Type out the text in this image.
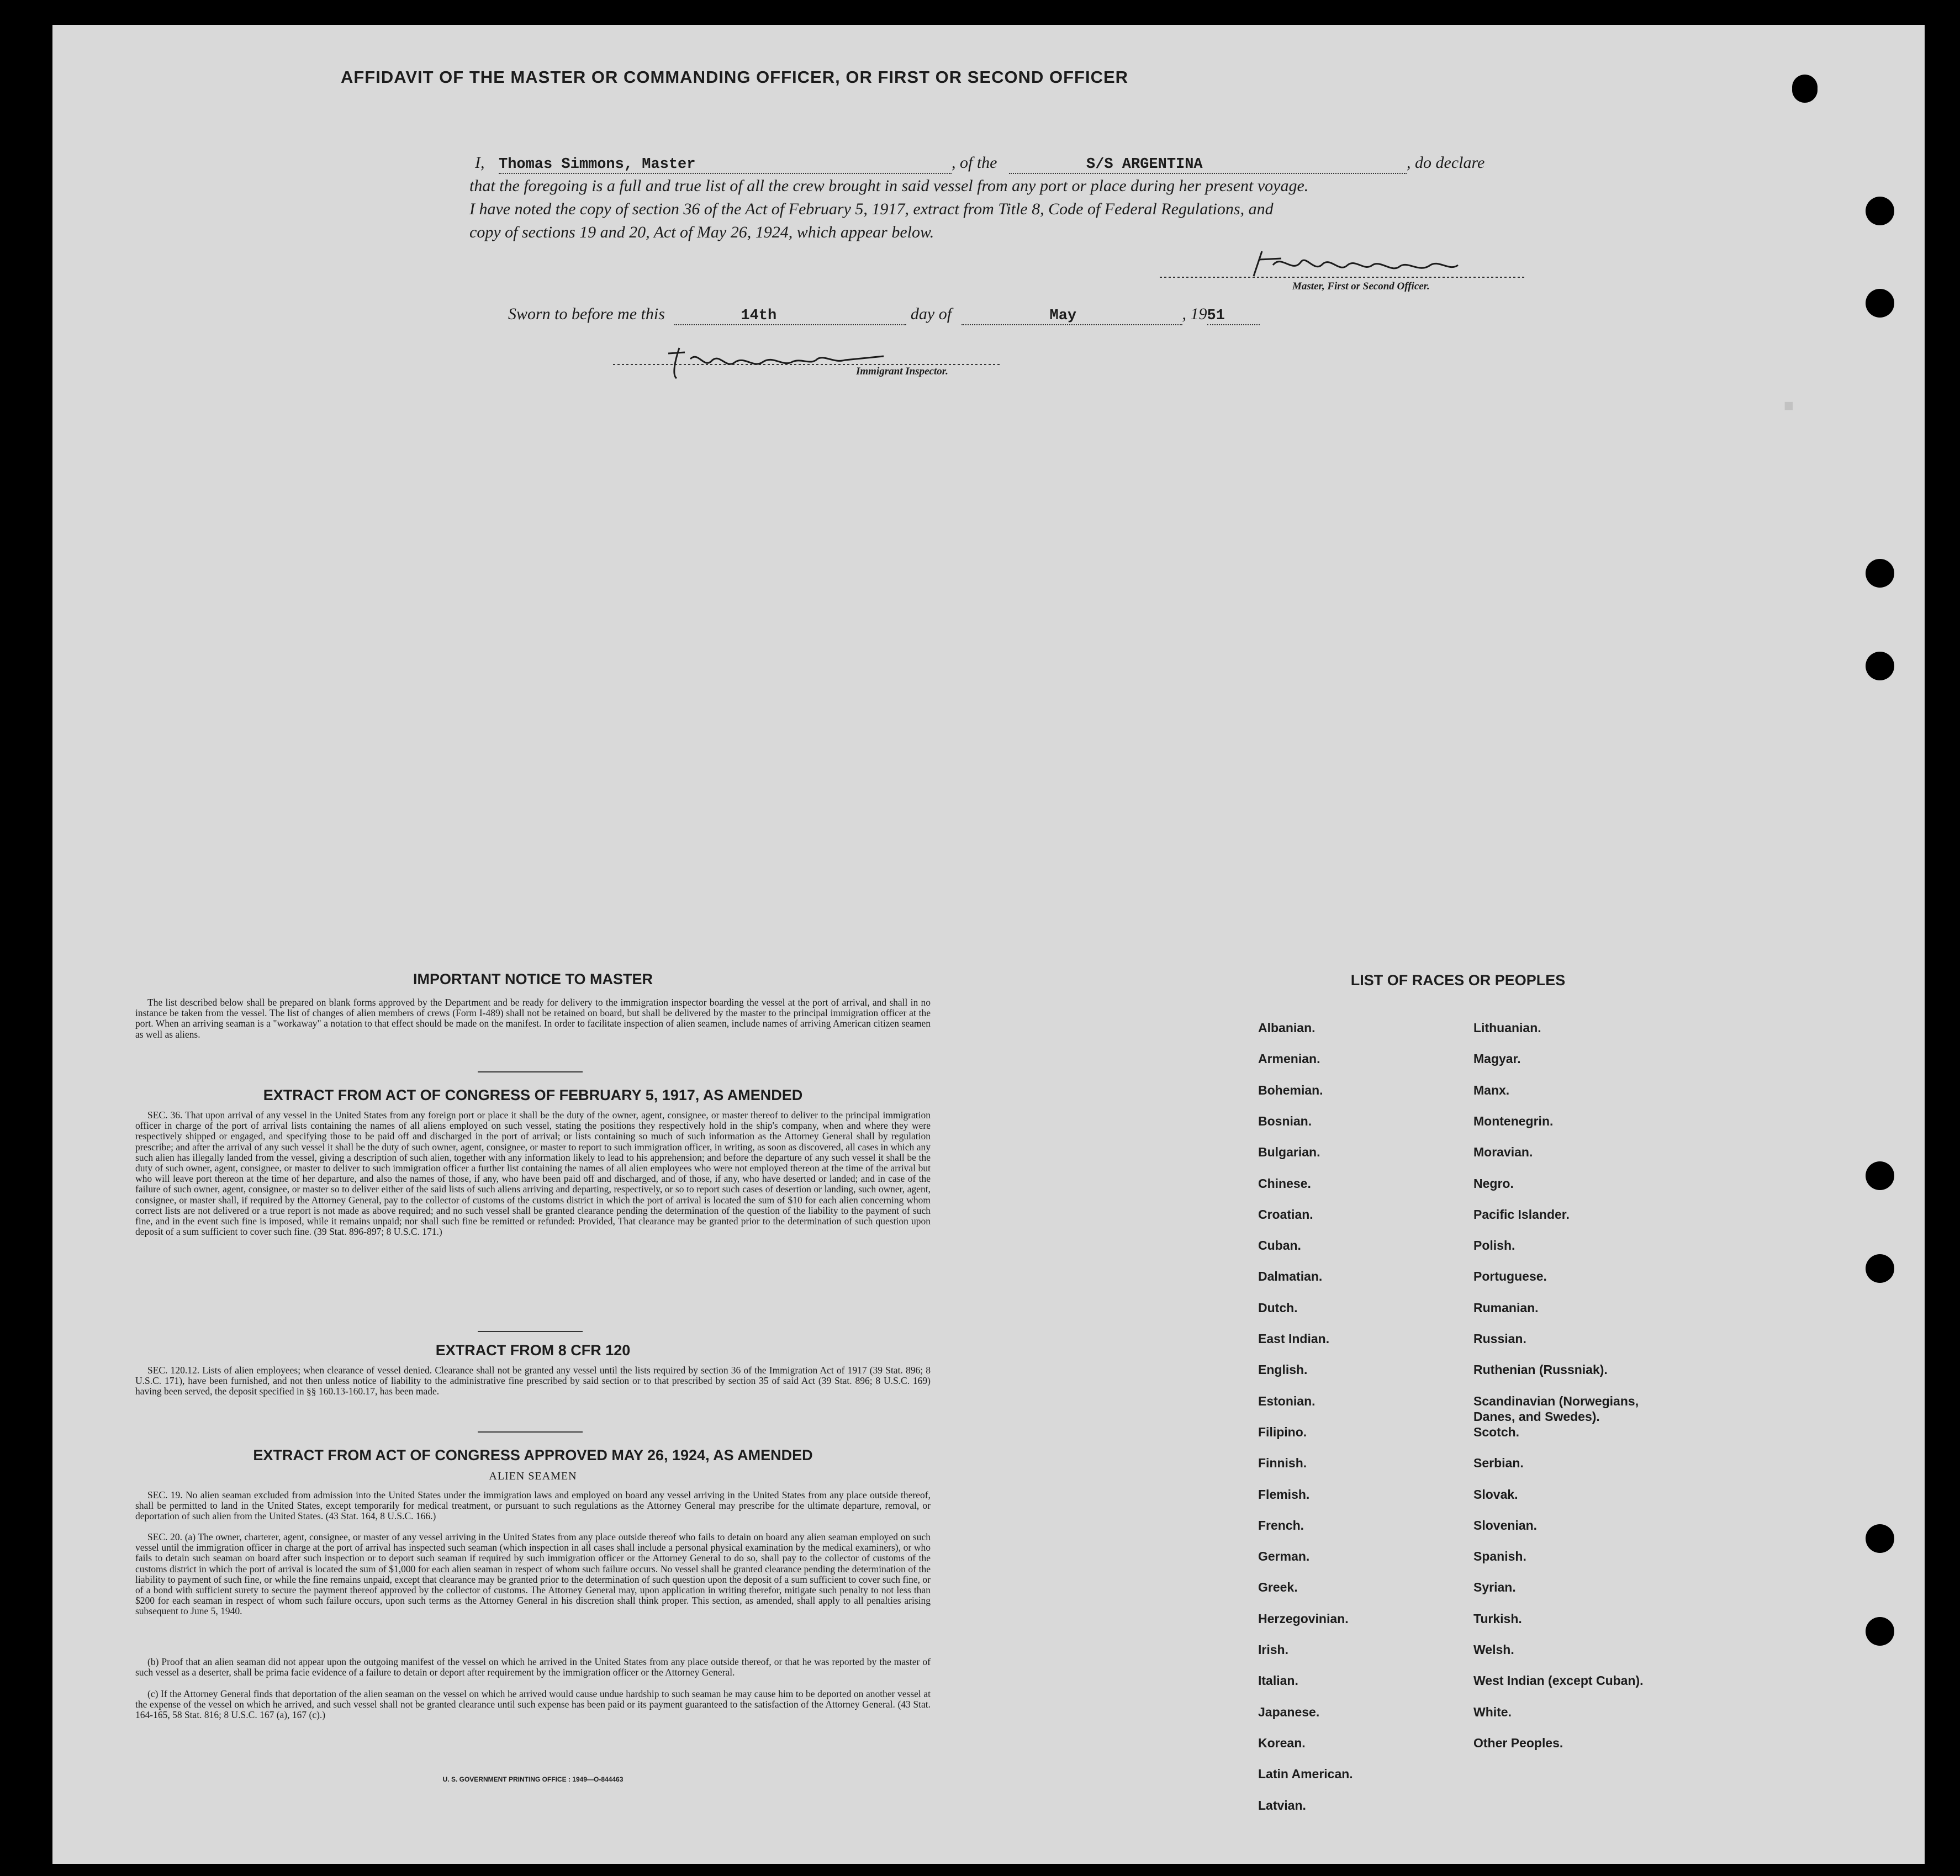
■
AFFIDAVIT OF THE MASTER OR COMMANDING OFFICER, OR FIRST OR SECOND OFFICER
I, Thomas Simmons, Master	, of the	S/S ARGENTINA	, do declare
that the foregoing is a full and true list of all the crew brought in said vessel from any port or place during her present voyage.
I have noted the copy of section 36 of the Act of February 5, 1917, extract from Title 8, Code of Federal Regulations, and
copy of sections 19 and 20, Act of May 26, 1924, which appear below.
Master, First or Second Officer.
Sworn to before me this	14th	day of	May	, 1951
Immigrant Inspector.
IMPORTANT NOTICE TO MASTER
The list described below shall be prepared on blank forms approved by the Department and be ready for delivery to the immigration inspector boarding the vessel at the port of arrival, and shall in no instance be taken from the vessel. The list of changes of alien members of crews (Form I-489) shall not be retained on board, but shall be delivered by the master to the principal immigration officer at the port. When an arriving seaman is a "workaway" a notation to that effect should be made on the manifest. In order to facilitate inspection of alien seamen, include names of arriving American citizen seamen as well as aliens.
EXTRACT FROM ACT OF CONGRESS OF FEBRUARY 5, 1917, AS AMENDED
SEC. 36. That upon arrival of any vessel in the United States from any foreign port or place it shall be the duty of the owner, agent, consignee, or master thereof to deliver to the principal immigration officer in charge of the port of arrival lists containing the names of all aliens employed on such vessel, stating the positions they respectively hold in the ship's company, when and where they were respectively shipped or engaged, and specifying those to be paid off and discharged in the port of arrival; or lists containing so much of such information as the Attorney General shall by regulation prescribe; and after the arrival of any such vessel it shall be the duty of such owner, agent, consignee, or master to report to such immigration officer, in writing, as soon as discovered, all cases in which any such alien has illegally landed from the vessel, giving a description of such alien, together with any information likely to lead to his apprehension; and before the departure of any such vessel it shall be the duty of such owner, agent, consignee, or master to deliver to such immigration officer a further list containing the names of all alien employees who were not employed thereon at the time of the arrival but who will leave port thereon at the time of her departure, and also the names of those, if any, who have been paid off and discharged, and of those, if any, who have deserted or landed; and in case of the failure of such owner, agent, consignee, or master so to deliver either of the said lists of such aliens arriving and departing, respectively, or so to report such cases of desertion or landing, such owner, agent, consignee, or master shall, if required by the Attorney General, pay to the collector of customs of the customs district in which the port of arrival is located the sum of $10 for each alien concerning whom correct lists are not delivered or a true report is not made as above required; and no such vessel shall be granted clearance pending the determination of the question of the liability to the payment of such fine, and in the event such fine is imposed, while it remains unpaid; nor shall such fine be remitted or refunded: Provided, That clearance may be granted prior to the determination of such question upon deposit of a sum sufficient to cover such fine. (39 Stat. 896-897; 8 U.S.C. 171.)
EXTRACT FROM 8 CFR 120
SEC. 120.12. Lists of alien employees; when clearance of vessel denied. Clearance shall not be granted any vessel until the lists required by section 36 of the Immigration Act of 1917 (39 Stat. 896; 8 U.S.C. 171), have been furnished, and not then unless notice of liability to the administrative fine prescribed by said section or to that prescribed by section 35 of said Act (39 Stat. 896; 8 U.S.C. 169) having been served, the deposit specified in §§ 160.13-160.17, has been made.
EXTRACT FROM ACT OF CONGRESS APPROVED MAY 26, 1924, AS AMENDED
ALIEN SEAMEN
SEC. 19. No alien seaman excluded from admission into the United States under the immigration laws and employed on board any vessel arriving in the United States from any place outside thereof, shall be permitted to land in the United States, except temporarily for medical treatment, or pursuant to such regulations as the Attorney General may prescribe for the ultimate departure, removal, or deportation of such alien from the United States. (43 Stat. 164, 8 U.S.C. 166.)
SEC. 20. (a) The owner, charterer, agent, consignee, or master of any vessel arriving in the United States from any place outside thereof who fails to detain on board any alien seaman employed on such vessel until the immigration officer in charge at the port of arrival has inspected such seaman (which inspection in all cases shall include a personal physical examination by the medical examiners), or who fails to detain such seaman on board after such inspection or to deport such seaman if required by such immigration officer or the Attorney General to do so, shall pay to the collector of customs of the customs district in which the port of arrival is located the sum of $1,000 for each alien seaman in respect of whom such failure occurs. No vessel shall be granted clearance pending the determination of the liability to payment of such fine, or while the fine remains unpaid, except that clearance may be granted prior to the determination of such question upon the deposit of a sum sufficient to cover such fine, or of a bond with sufficient surety to secure the payment thereof approved by the collector of customs. The Attorney General may, upon application in writing therefor, mitigate such penalty to not less than $200 for each seaman in respect of whom such failure occurs, upon such terms as the Attorney General in his discretion shall think proper. This section, as amended, shall apply to all penalties arising subsequent to June 5, 1940.
(b) Proof that an alien seaman did not appear upon the outgoing manifest of the vessel on which he arrived in the United States from any place outside thereof, or that he was reported by the master of such vessel as a deserter, shall be prima facie evidence of a failure to detain or deport after requirement by the immigration officer or the Attorney General.
(c) If the Attorney General finds that deportation of the alien seaman on the vessel on which he arrived would cause undue hardship to such seaman he may cause him to be deported on another vessel at the expense of the vessel on which he arrived, and such vessel shall not be granted clearance until such expense has been paid or its payment guaranteed to the satisfaction of the Attorney General. (43 Stat. 164-165, 58 Stat. 816; 8 U.S.C. 167 (a), 167 (c).)
U. S. GOVERNMENT PRINTING OFFICE : 1949—O-844463
LIST OF RACES OR PEOPLES
Albanian.
Armenian.
Bohemian.
Bosnian.
Bulgarian.
Chinese.
Croatian.
Cuban.
Dalmatian.
Dutch.
East Indian.
English.
Estonian.
Filipino.
Finnish.
Flemish.
French.
German.
Greek.
Herzegovinian.
Irish.
Italian.
Japanese.
Korean.
Latin American.
Latvian.
Lithuanian.
Magyar.
Manx.
Montenegrin.
Moravian.
Negro.
Pacific Islander.
Polish.
Portuguese.
Rumanian.
Russian.
Ruthenian (Russniak).
Scandinavian (Norwegians,
Danes, and Swedes).
Scotch.
Serbian.
Slovak.
Slovenian.
Spanish.
Syrian.
Turkish.
Welsh.
West Indian (except Cuban).
White.
Other Peoples.
